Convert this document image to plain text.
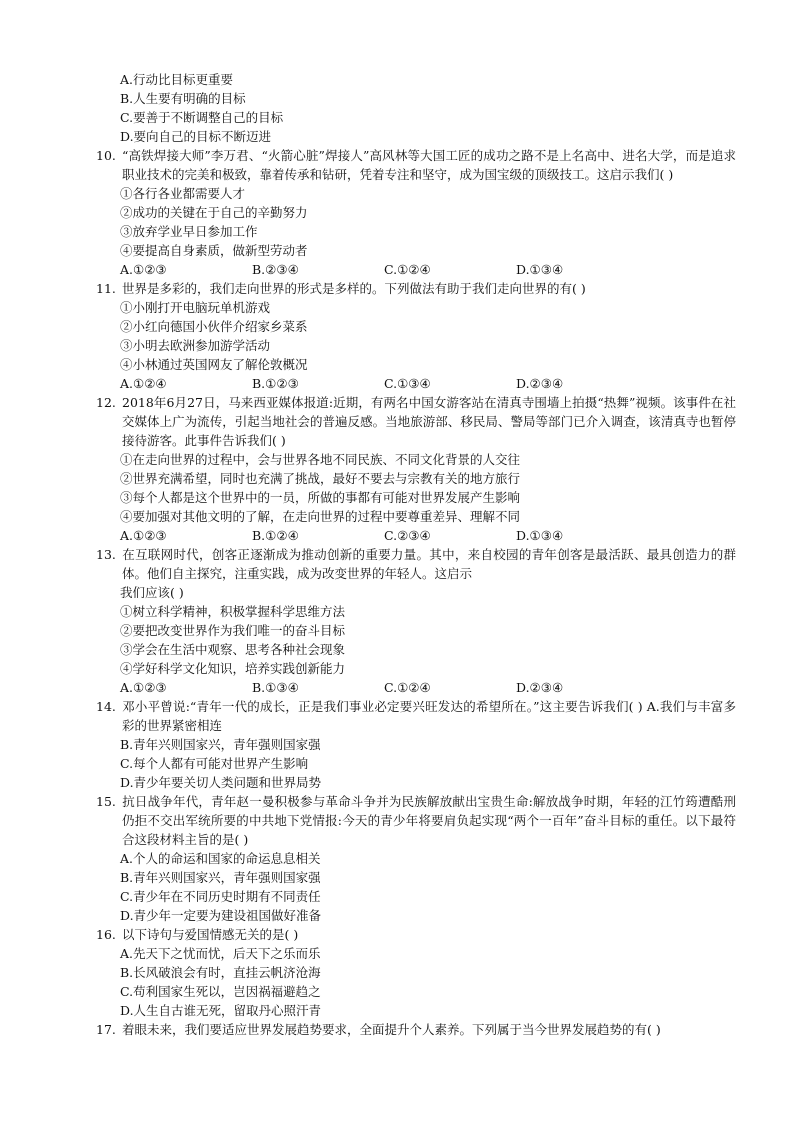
A.行动比目标更重要

B.人生要有明确的目标

C.要善于不断调整自己的目标

D.要向自己的目标不断迈进

10. “高铁焊接大师”李万君、“火箭心脏”焊接人”高风林等大国工匠的成功之路不是上名高中、进名大学，而是追求职业技术的完美和极致，靠着传承和钻研，凭着专注和坚守，成为国宝级的顶级技工。这启示我们( )

①各行各业都需要人才

②成功的关键在于自己的辛勤努力

③放弃学业早日参加工作

④要提高自身素质，做新型劳动者

A.①②③	B.②③④	C.①②④	D.①③④

11. 世界是多彩的，我们走向世界的形式是多样的。下列做法有助于我们走向世界的有( )

①小刚打开电脑玩单机游戏

②小红向德国小伙伴介绍家乡菜系

③小明去欧洲参加游学活动

④小林通过英国网友了解伦敦概况

A.①②④	B.①②③	C.①③④	D.②③④

12. 2018年6月27日，马来西亚媒体报道:近期，有两名中国女游客站在清真寺围墙上拍摄“热舞”视频。该事件在社交媒体上广为流传，引起当地社会的普遍反感。当地旅游部、移民局、警局等部门已介入调查，该清真寺也暂停接待游客。此事件告诉我们( )

①在走向世界的过程中，会与世界各地不同民族、不同文化背景的人交往

②世界充满希望，同时也充满了挑战，最好不要去与宗教有关的地方旅行

③每个人都是这个世界中的一员，所做的事都有可能对世界发展产生影响

④要加强对其他文明的了解，在走向世界的过程中要尊重差异、理解不同

A.①②③	B.①②④	C.②③④	D.①③④

13. 在互联网时代，创客正逐渐成为推动创新的重要力量。其中，来自校园的青年创客是最活跃、最具创造力的群体。他们自主探究，注重实践，成为改变世界的年轻人。这启示

我们应该( )

①树立科学精神，积极掌握科学思维方法

②要把改变世界作为我们唯一的奋斗目标

③学会在生活中观察、思考各种社会现象

④学好科学文化知识，培养实践创新能力

A.①②③	B.①③④	C.①②④	D.②③④

14. 邓小平曾说:“青年一代的成长，正是我们事业必定要兴旺发达的希望所在。”这主要告诉我们( ) A.我们与丰富多彩的世界紧密相连

B.青年兴则国家兴，青年强则国家强

C.每个人都有可能对世界产生影响

D.青少年要关切人类问题和世界局势

15. 抗日战争年代，青年赵一曼积极参与革命斗争并为民族解放献出宝贵生命:解放战争时期，年轻的江竹筠遭酷刑仍拒不交出军统所要的中共地下党情报:今天的青少年将要肩负起实现“两个一百年”奋斗目标的重任。以下最符合这段材料主旨的是( )

A.个人的命运和国家的命运息息相关

B.青年兴则国家兴，青年强则国家强

C.青少年在不同历史时期有不同责任

D.青少年一定要为建设祖国做好准备

16. 以下诗句与爱国情感无关的是( )

A.先天下之忧而忧，后天下之乐而乐

B.长风破浪会有时，直挂云帆济沧海

C.苟利国家生死以，岂因祸福避趋之

D.人生自古谁无死，留取丹心照汗青

17. 着眼未来，我们要适应世界发展趋势要求，全面提升个人素养。下列属于当今世界发展趋势的有( )
